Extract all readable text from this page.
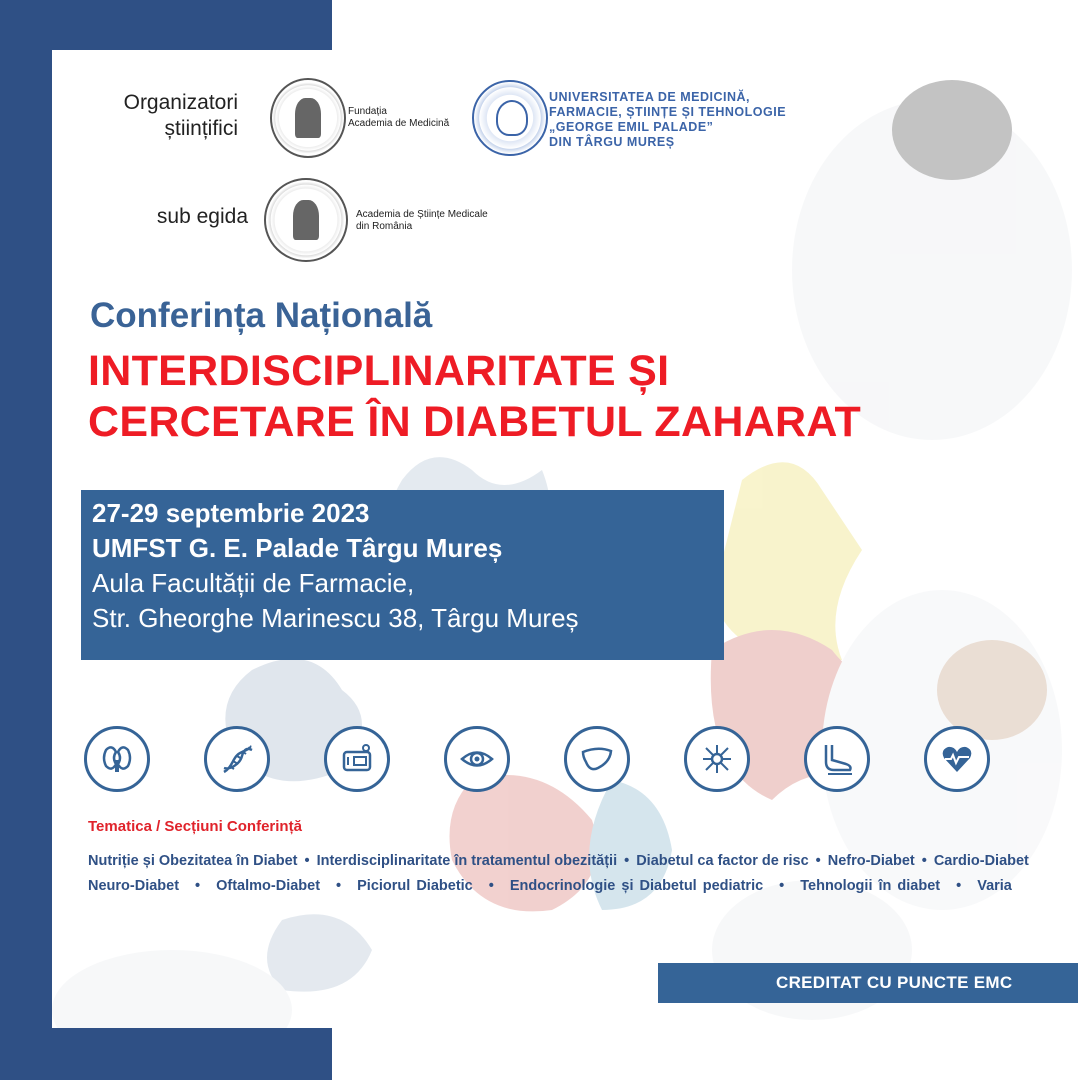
Organizatori
științifici
Fundația
Academia de Medicină
UNIVERSITATEA DE MEDICINĂ,
FARMACIE, ȘTIINȚE ȘI TEHNOLOGIE
„GEORGE EMIL PALADE”
DIN TÂRGU MUREȘ
sub egida	Academia de Științe Medicale
din România
Conferința Națională
INTERDISCIPLINARITATE ȘI
CERCETARE ÎN DIABETUL ZAHARAT
27-29 septembrie 2023
UMFST G. E. Palade Târgu Mureș
Aula Facultății de Farmacie,
Str. Gheorghe Marinescu 38, Târgu Mureș
Tematica / Secțiuni Conferință
Nutriție și Obezitatea în Diabet • Interdisciplinaritate în tratamentul obezității • Diabetul ca factor de risc • Nefro-Diabet • Cardio-Diabet
Neuro-Diabet • Oftalmo-Diabet • Piciorul Diabetic • Endocrinologie și Diabetul pediatric • Tehnologii în diabet • Varia
CREDITAT CU PUNCTE EMC
